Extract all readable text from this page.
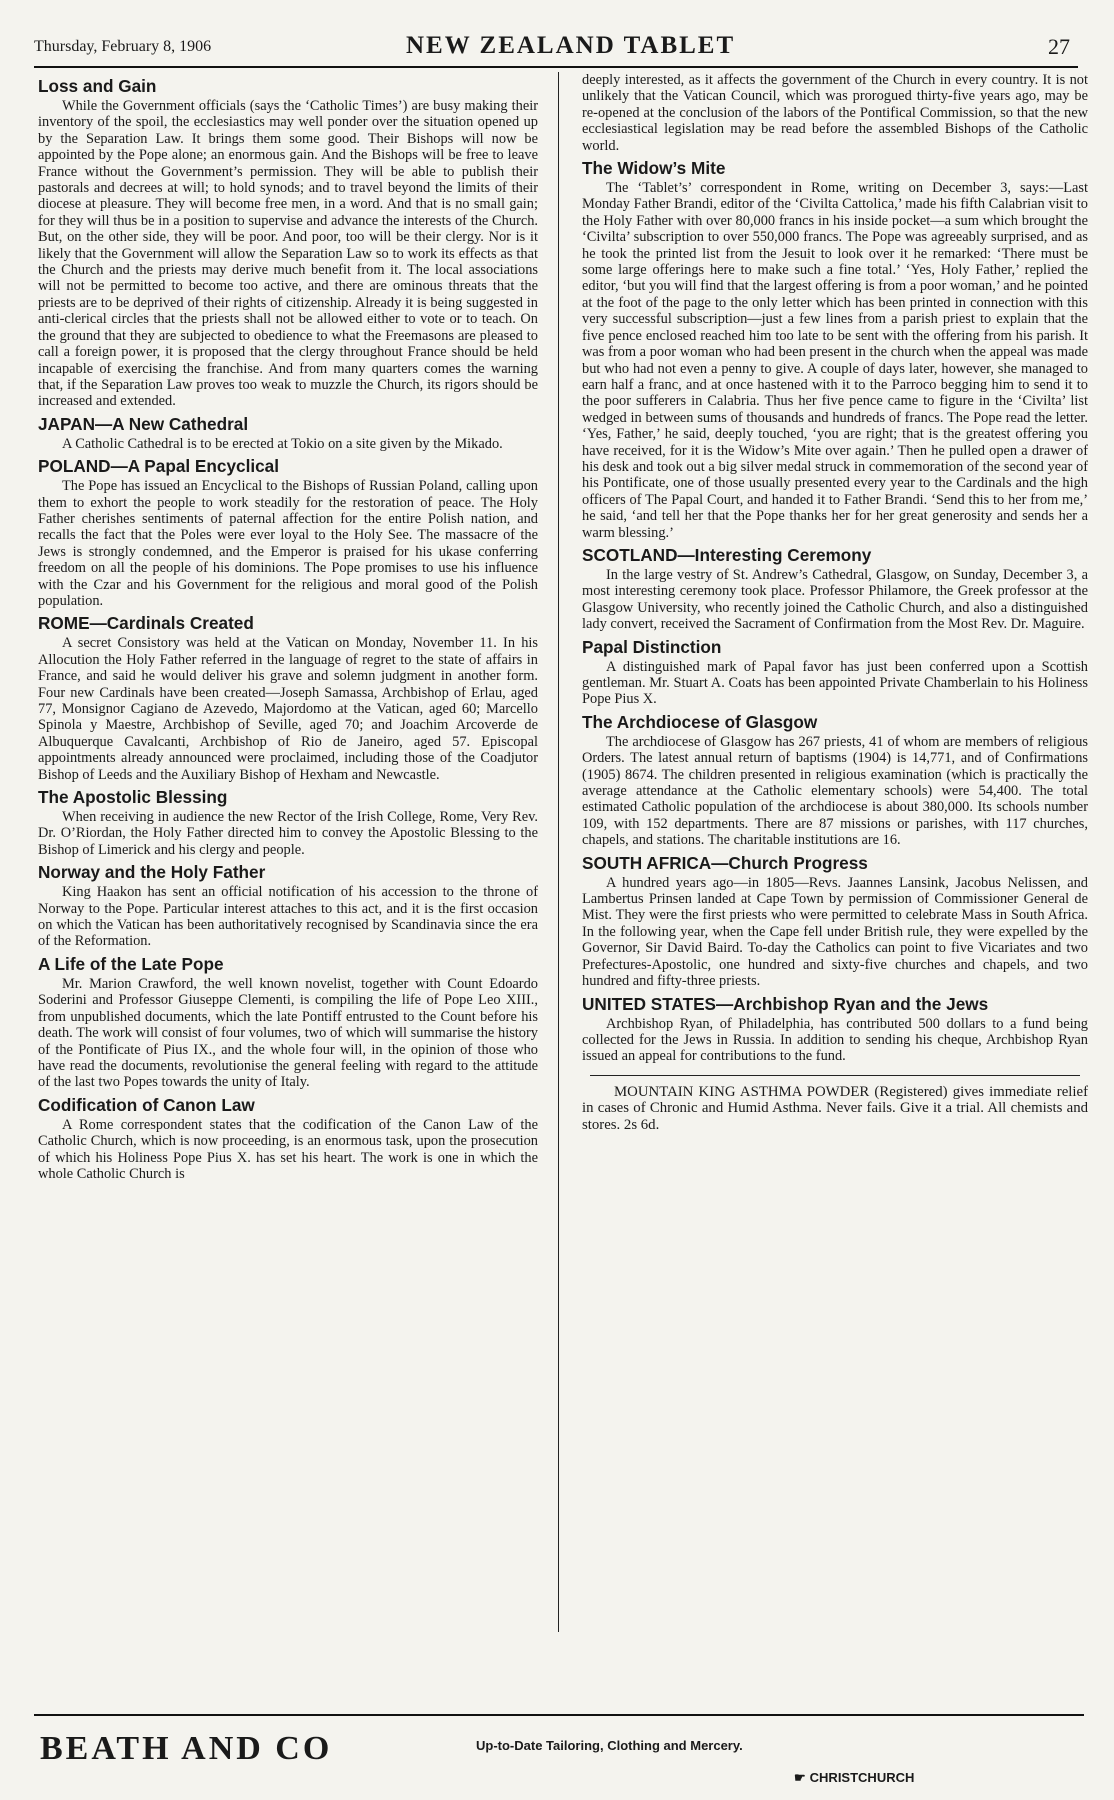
Thursday, February 8, 1906	NEW ZEALAND TABLET	27
Loss and Gain

While the Government officials (says the ‘Catholic Times’) are busy making their inventory of the spoil, the ecclesiastics may well ponder over the situation opened up by the Separation Law. It brings them some good. Their Bishops will now be appointed by the Pope alone; an enormous gain. And the Bishops will be free to leave France without the Government’s permission. They will be able to publish their pastorals and decrees at will; to hold synods; and to travel beyond the limits of their diocese at pleasure. They will become free men, in a word. And that is no small gain; for they will thus be in a position to supervise and advance the interests of the Church. But, on the other side, they will be poor. And poor, too will be their clergy. Nor is it likely that the Government will allow the Separation Law so to work its effects as that the Church and the priests may derive much benefit from it. The local associations will not be permitted to become too active, and there are ominous threats that the priests are to be deprived of their rights of citizenship. Already it is being suggested in anti-clerical circles that the priests shall not be allowed either to vote or to teach. On the ground that they are subjected to obedience to what the Freemasons are pleased to call a foreign power, it is proposed that the clergy throughout France should be held incapable of exercising the franchise. And from many quarters comes the warning that, if the Separation Law proves too weak to muzzle the Church, its rigors should be increased and extended.

JAPAN—A New Cathedral

A Catholic Cathedral is to be erected at Tokio on a site given by the Mikado.

POLAND—A Papal Encyclical

The Pope has issued an Encyclical to the Bishops of Russian Poland, calling upon them to exhort the people to work steadily for the restoration of peace. The Holy Father cherishes sentiments of paternal affection for the entire Polish nation, and recalls the fact that the Poles were ever loyal to the Holy See. The massacre of the Jews is strongly condemned, and the Emperor is praised for his ukase conferring freedom on all the people of his dominions. The Pope promises to use his influence with the Czar and his Government for the religious and moral good of the Polish population.

ROME—Cardinals Created

A secret Consistory was held at the Vatican on Monday, November 11. In his Allocution the Holy Father referred in the language of regret to the state of affairs in France, and said he would deliver his grave and solemn judgment in another form. Four new Cardinals have been created—Joseph Samassa, Archbishop of Erlau, aged 77, Monsignor Cagiano de Azevedo, Majordomo at the Vatican, aged 60; Marcello Spinola y Maestre, Archbishop of Seville, aged 70; and Joachim Arcoverde de Albuquerque Cavalcanti, Archbishop of Rio de Janeiro, aged 57. Episcopal appointments already announced were proclaimed, including those of the Coadjutor Bishop of Leeds and the Auxiliary Bishop of Hexham and Newcastle.

The Apostolic Blessing

When receiving in audience the new Rector of the Irish College, Rome, Very Rev. Dr. O’Riordan, the Holy Father directed him to convey the Apostolic Blessing to the Bishop of Limerick and his clergy and people.

Norway and the Holy Father

King Haakon has sent an official notification of his accession to the throne of Norway to the Pope. Particular interest attaches to this act, and it is the first occasion on which the Vatican has been authoritatively recognised by Scandinavia since the era of the Reformation.

A Life of the Late Pope

Mr. Marion Crawford, the well known novelist, together with Count Edoardo Soderini and Professor Giuseppe Clementi, is compiling the life of Pope Leo XIII., from unpublished documents, which the late Pontiff entrusted to the Count before his death. The work will consist of four volumes, two of which will summarise the history of the Pontificate of Pius IX., and the whole four will, in the opinion of those who have read the documents, revolutionise the general feeling with regard to the attitude of the last two Popes towards the unity of Italy.

Codification of Canon Law

A Rome correspondent states that the codification of the Canon Law of the Catholic Church, which is now proceeding, is an enormous task, upon the prosecution of which his Holiness Pope Pius X. has set his heart. The work is one in which the whole Catholic Church is

deeply interested, as it affects the government of the Church in every country. It is not unlikely that the Vatican Council, which was prorogued thirty-five years ago, may be re-opened at the conclusion of the labors of the Pontifical Commission, so that the new ecclesiastical legislation may be read before the assembled Bishops of the Catholic world.

The Widow’s Mite

The ‘Tablet’s’ correspondent in Rome, writing on December 3, says:—Last Monday Father Brandi, editor of the ‘Civilta Cattolica,’ made his fifth Calabrian visit to the Holy Father with over 80,000 francs in his inside pocket—a sum which brought the ‘Civilta’ subscription to over 550,000 francs. The Pope was agreeably surprised, and as he took the printed list from the Jesuit to look over it he remarked: ‘There must be some large offerings here to make such a fine total.’ ‘Yes, Holy Father,’ replied the editor, ‘but you will find that the largest offering is from a poor woman,’ and he pointed at the foot of the page to the only letter which has been printed in connection with this very successful subscription—just a few lines from a parish priest to explain that the five pence enclosed reached him too late to be sent with the offering from his parish. It was from a poor woman who had been present in the church when the appeal was made but who had not even a penny to give. A couple of days later, however, she managed to earn half a franc, and at once hastened with it to the Parroco begging him to send it to the poor sufferers in Calabria. Thus her five pence came to figure in the ‘Civilta’ list wedged in between sums of thousands and hundreds of francs. The Pope read the letter. ‘Yes, Father,’ he said, deeply touched, ‘you are right; that is the greatest offering you have received, for it is the Widow’s Mite over again.’ Then he pulled open a drawer of his desk and took out a big silver medal struck in commemoration of the second year of his Pontificate, one of those usually presented every year to the Cardinals and the high officers of The Papal Court, and handed it to Father Brandi. ‘Send this to her from me,’ he said, ‘and tell her that the Pope thanks her for her great generosity and sends her a warm blessing.’

SCOTLAND—Interesting Ceremony

In the large vestry of St. Andrew’s Cathedral, Glasgow, on Sunday, December 3, a most interesting ceremony took place. Professor Philamore, the Greek professor at the Glasgow University, who recently joined the Catholic Church, and also a distinguished lady convert, received the Sacrament of Confirmation from the Most Rev. Dr. Maguire.

Papal Distinction

A distinguished mark of Papal favor has just been conferred upon a Scottish gentleman. Mr. Stuart A. Coats has been appointed Private Chamberlain to his Holiness Pope Pius X.

The Archdiocese of Glasgow

The archdiocese of Glasgow has 267 priests, 41 of whom are members of religious Orders. The latest annual return of baptisms (1904) is 14,771, and of Confirmations (1905) 8674. The children presented in religious examination (which is practically the average attendance at the Catholic elementary schools) were 54,400. The total estimated Catholic population of the archdiocese is about 380,000. Its schools number 109, with 152 departments. There are 87 missions or parishes, with 117 churches, chapels, and stations. The charitable institutions are 16.

SOUTH AFRICA—Church Progress

A hundred years ago—in 1805—Revs. Jaannes Lansink, Jacobus Nelissen, and Lambertus Prinsen landed at Cape Town by permission of Commissioner General de Mist. They were the first priests who were permitted to celebrate Mass in South Africa. In the following year, when the Cape fell under British rule, they were expelled by the Governor, Sir David Baird. To-day the Catholics can point to five Vicariates and two Prefectures-Apostolic, one hundred and sixty-five churches and chapels, and two hundred and fifty-three priests.

UNITED STATES—Archbishop Ryan and the Jews

Archbishop Ryan, of Philadelphia, has contributed 500 dollars to a fund being collected for the Jews in Russia. In addition to sending his cheque, Archbishop Ryan issued an appeal for contributions to the fund.

MOUNTAIN KING ASTHMA POWDER (Registered) gives immediate relief in cases of Chronic and Humid Asthma. Never fails. Give it a trial. All chemists and stores. 2s 6d.

BEATH AND CO	Up-to-Date Tailoring, Clothing and Mercery.
☛ CHRISTCHURCH
